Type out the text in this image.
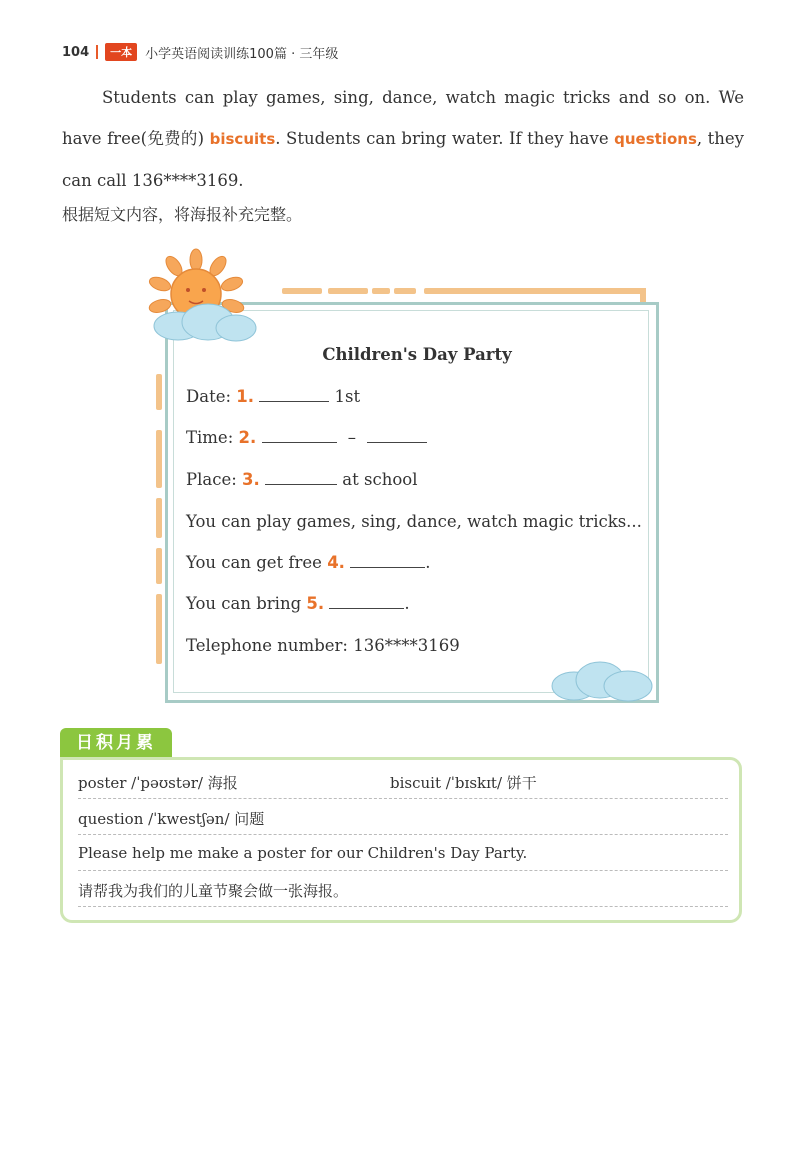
104	一本	小学英语阅读训练100篇 · 三年级
Students can play games, sing, dance, watch magic tricks and so on. We have free(免费的) biscuits. Students can bring water. If they have questions, they can call 136****3169.
根据短文内容，将海报补充完整。
Children's Day Party
Date: 1.	1st
Time: 2.	–
Place: 3.	at school
You can play games, sing, dance, watch magic tricks...
You can get free 4.	.
You can bring 5.	.
Telephone number: 136****3169
日积月累
poster /ˈpəʊstər/ 海报	biscuit /ˈbɪskɪt/ 饼干
question /ˈkwestʃən/ 问题
Please help me make a poster for our Children's Day Party.
请帮我为我们的儿童节聚会做一张海报。
